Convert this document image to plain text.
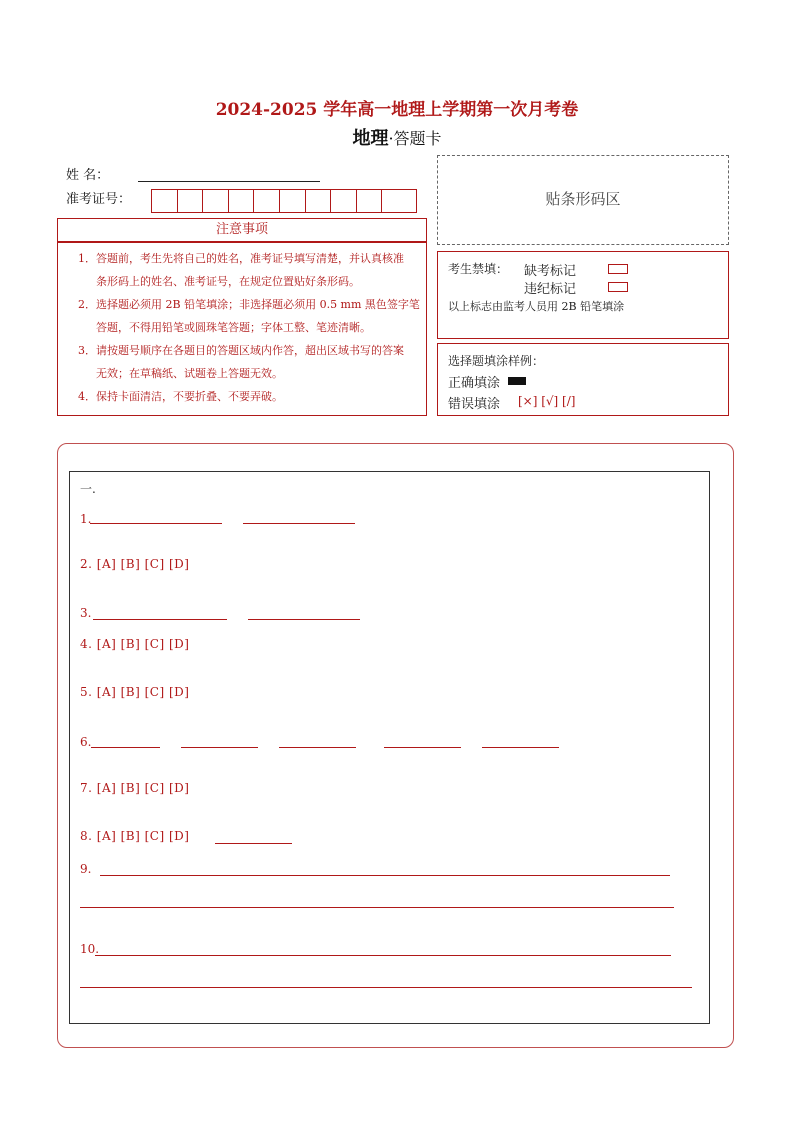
2024-2025 学年高一地理上学期第一次月考卷
地理·答题卡
姓 名：
准考证号：	贴条形码区
注意事项
1．答题前，考生先将自己的姓名，准考证号填写清楚，并认真核准
条形码上的姓名、准考证号，在规定位置贴好条形码。
2．选择题必须用 2B 铅笔填涂；非选择题必须用 0.5 mm 黑色签字笔
答题，不得用铅笔或圆珠笔答题；字体工整、笔迹清晰。
3．请按题号顺序在各题目的答题区域内作答，超出区域书写的答案
无效；在草稿纸、试题卷上答题无效。
4．保持卡面清洁，不要折叠、不要弄破。
考生禁填： 缺考标记
违纪标记
以上标志由监考人员用 2B 铅笔填涂
选择题填涂样例：
正确填涂
错误填涂 [×] [√] [/]
一.
1.
2. [A] [B] [C] [D]
3.
4. [A] [B] [C] [D]
5. [A] [B] [C] [D]
6.
7. [A] [B] [C] [D]
8. [A] [B] [C] [D]
9.
10.
